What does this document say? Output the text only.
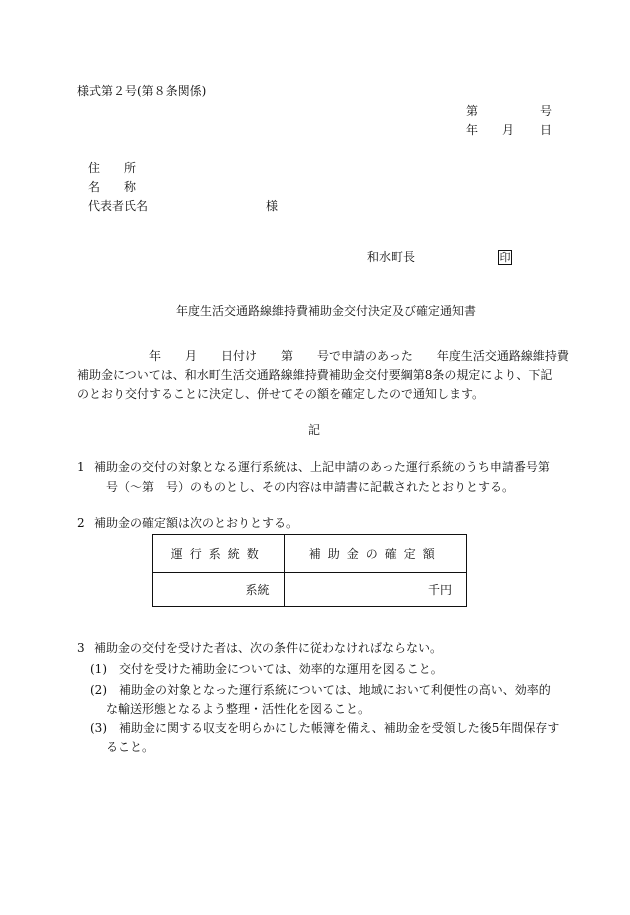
様式第２号(第８条関係)
第	号
年 月 日
住　　所
名　　称
代表者氏名	様
和水町長	印
年度生活交通路線維持費補助金交付決定及び確定通知書
　　　　　　年　　月　　日付け　　第　　号で申請のあった　　年度生活交通路線維持費
補助金については、和水町生活交通路線維持費補助金交付要綱第8条の規定により、下記
のとおり交付することに決定し、併せてその額を確定したので通知します。
記
1 補助金の交付の対象となる運行系統は、上記申請のあった運行系統のうち申請番号第
号（～第　号）のものとし、その内容は申請書に記載されたとおりとする。
2 補助金の確定額は次のとおりとする。
運行系統数	補助金の確定額
系統	千円
3 補助金の交付を受けた者は、次の条件に従わなければならない。
(1) 交付を受けた補助金については、効率的な運用を図ること。
(2) 補助金の対象となった運行系統については、地域において利便性の高い、効率的
な輸送形態となるよう整理・活性化を図ること。
(3) 補助金に関する収支を明らかにした帳簿を備え、補助金を受領した後5年間保存す
ること。
